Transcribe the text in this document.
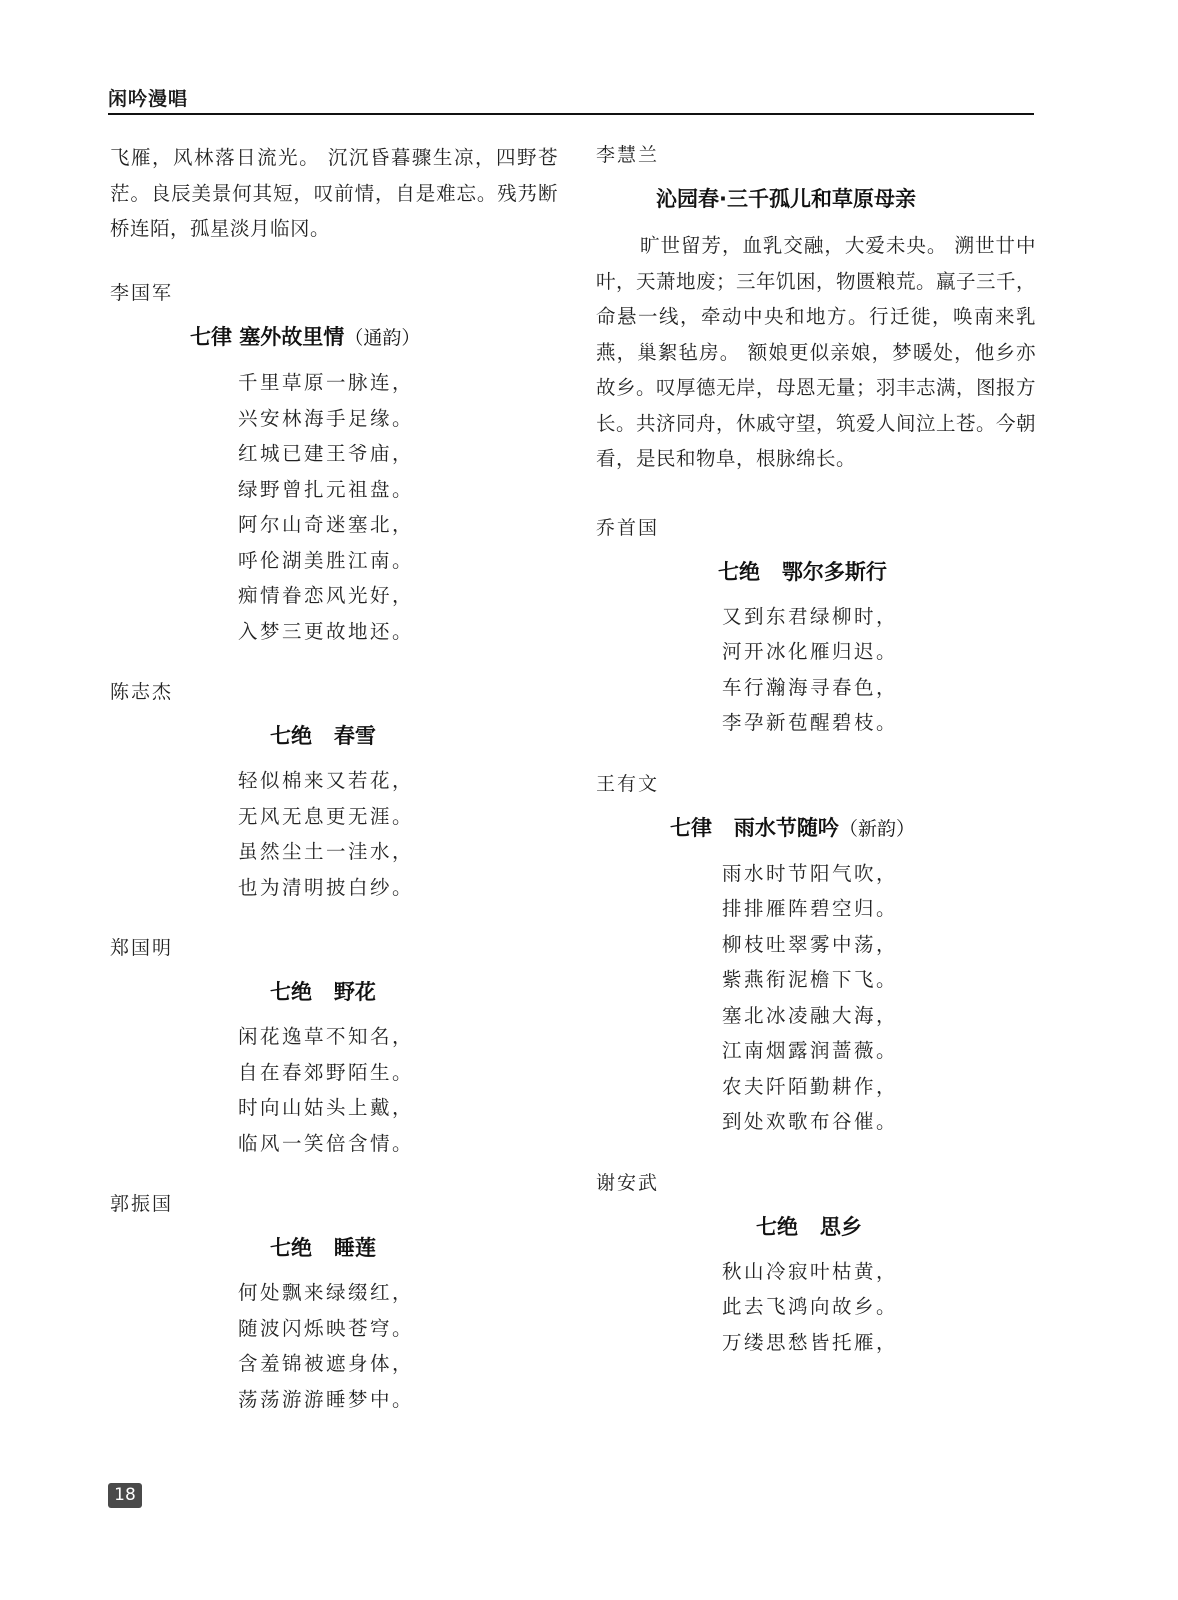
闲吟漫唱

飞雁，风林落日流光。 沉沉昏暮骤生凉，四野苍茫。良辰美景何其短，叹前情，自是难忘。残艿断桥连陌，孤星淡月临冈。

李国军

七律 塞外故里情（通韵）

千里草原一脉连，
兴安林海手足缘。
红城已建王爷庙，
绿野曾扎元祖盘。
阿尔山奇迷塞北，
呼伦湖美胜江南。
痴情眷恋风光好，
入梦三更故地还。

陈志杰

七绝   春雪

轻似棉来又若花，
无风无息更无涯。
虽然尘土一洼水，
也为清明披白纱。

郑国明

七绝   野花

闲花逸草不知名，
自在春郊野陌生。
时向山姑头上戴，
临风一笑倍含情。

郭振国

七绝   睡莲

何处飘来绿缀红，
随波闪烁映苍穹。
含羞锦被遮身体，
荡荡游游睡梦中。

李慧兰

沁园春·三千孤儿和草原母亲

旷世留芳，血乳交融，大爱未央。 溯世廿中叶，天萧地废；三年饥困，物匮粮荒。羸子三千，命悬一线，牵动中央和地方。行迁徙，唤南来乳燕，巢絮毡房。 额娘更似亲娘，梦暖处，他乡亦故乡。叹厚德无岸，母恩无量；羽丰志满，图报方长。共济同舟，休戚守望，筑爱人间泣上苍。今朝看，是民和物阜，根脉绵长。

乔首国

七绝   鄂尔多斯行

又到东君绿柳时，
河开冰化雁归迟。
车行瀚海寻春色，
李孕新苞醒碧枝。

王有文

七律   雨水节随吟（新韵）

雨水时节阳气吹，
排排雁阵碧空归。
柳枝吐翠雾中荡，
紫燕衔泥檐下飞。
塞北冰凌融大海，
江南烟露润蔷薇。
农夫阡陌勤耕作，
到处欢歌布谷催。

谢安武

七绝   思乡

秋山冷寂叶枯黄，
此去飞鸿向故乡。
万缕思愁皆托雁，
18
